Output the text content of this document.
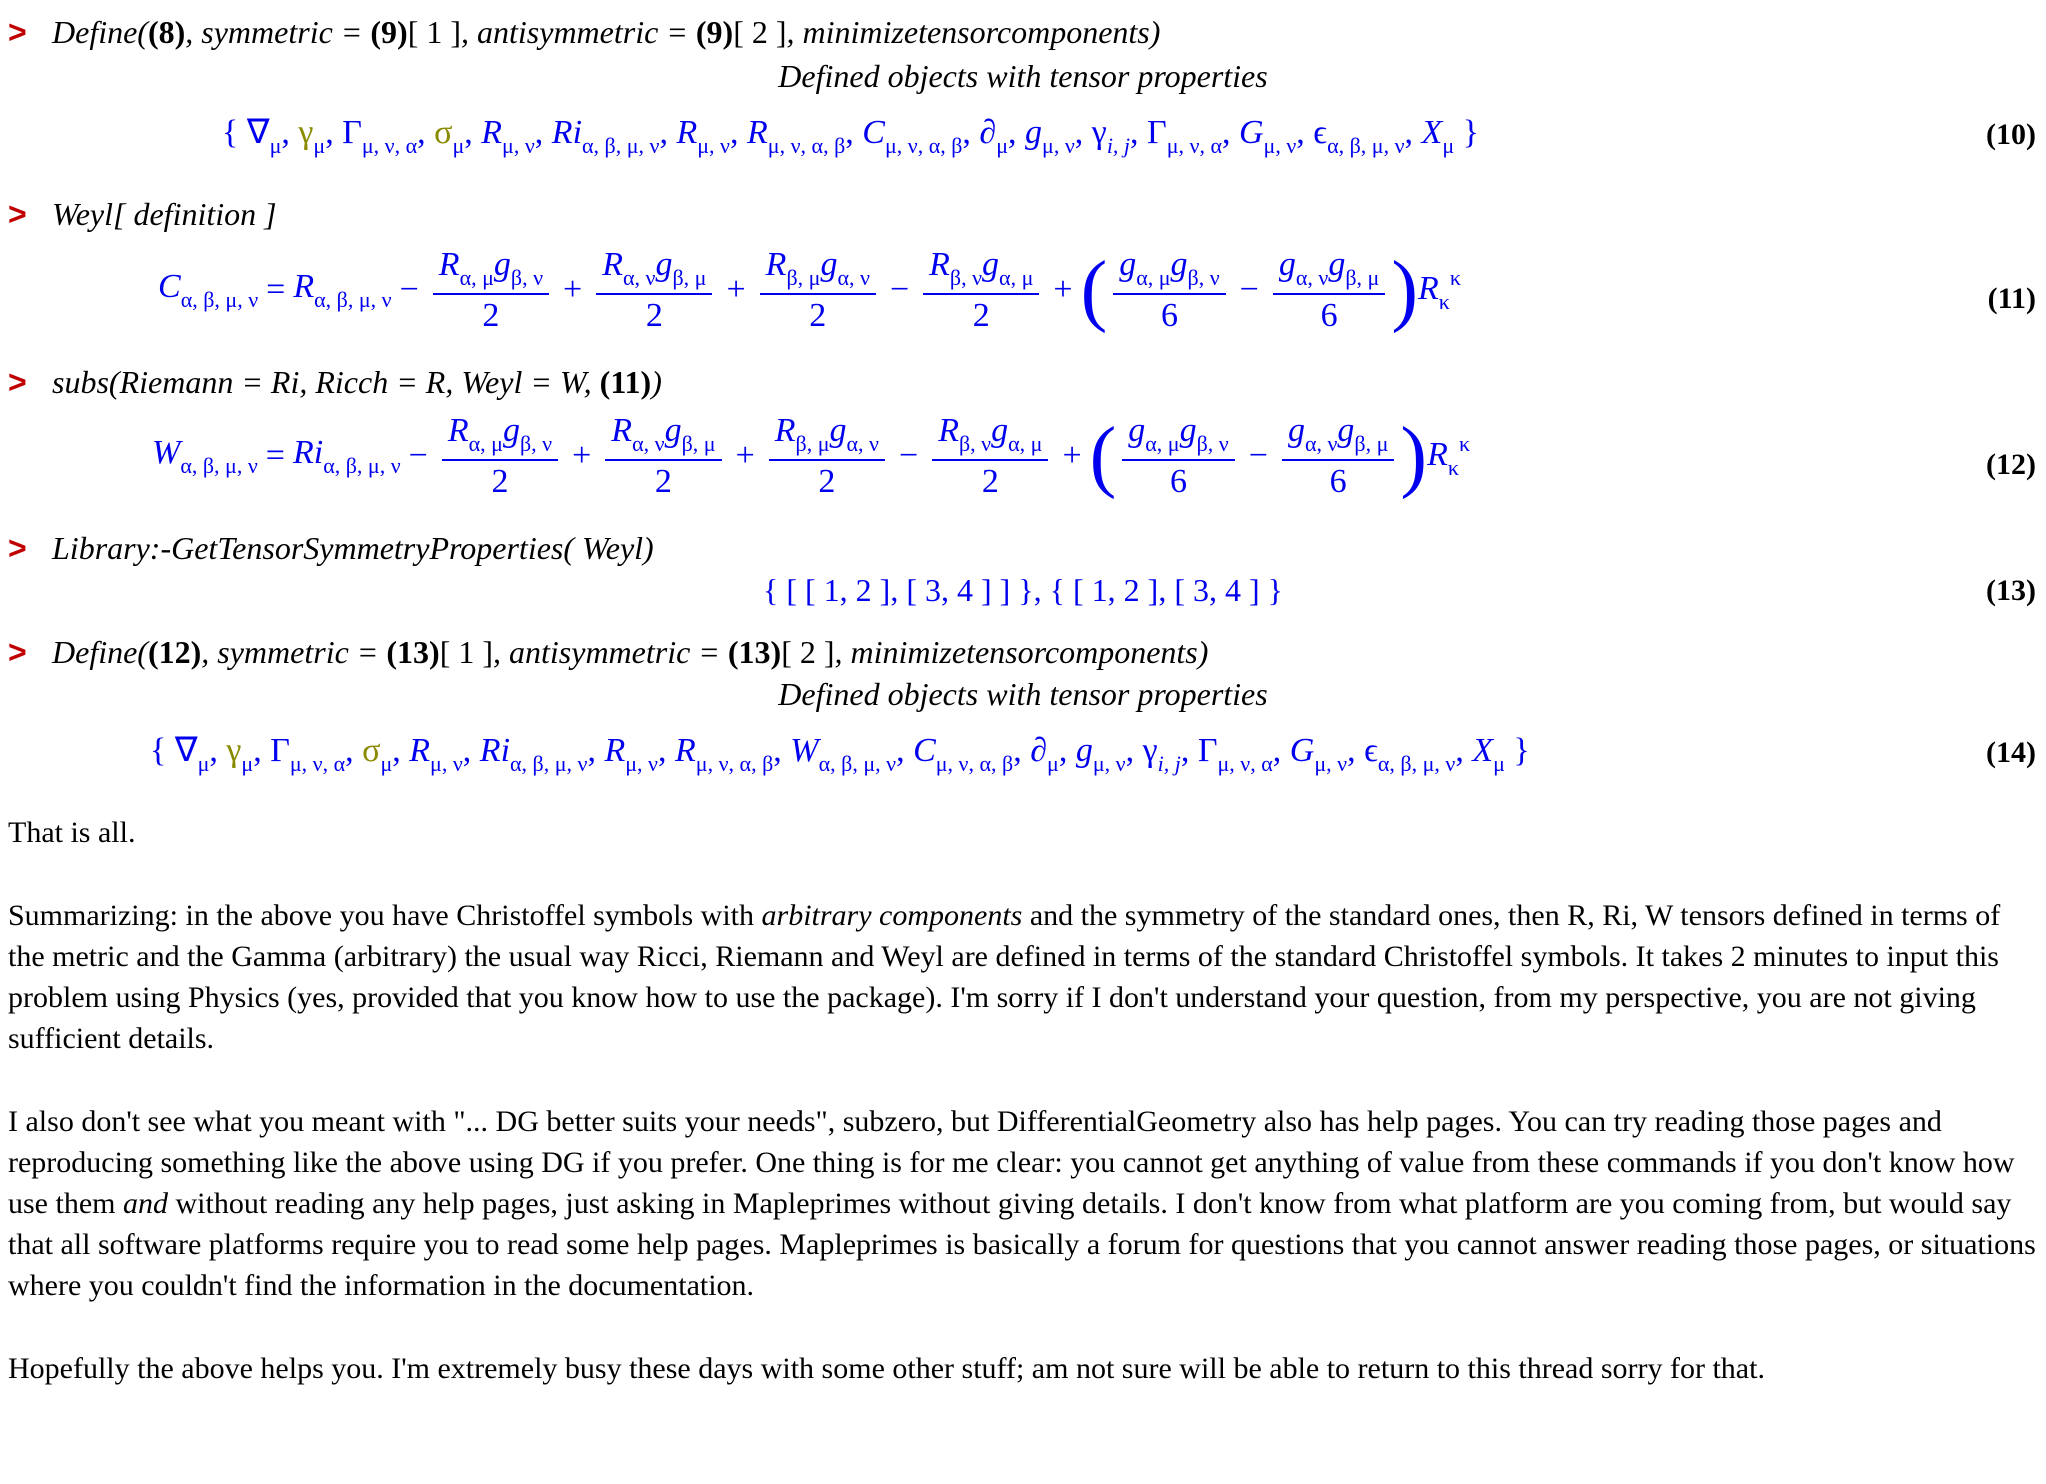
> Define((8), symmetric = (9)[ 1 ], antisymmetric = (9)[ 2 ], minimizetensorcomponents)
Defined objects with tensor properties
{ $\nabla_\mu$, $\gamma_\mu$, $\Gamma_{\mu, \nu, \alpha}$, $\sigma_\mu$, $R_{\mu, \nu}$, $Ri_{\alpha, \beta, \mu, \nu}$, $R_{\mu, \nu}$, $R_{\mu, \nu, \alpha, \beta}$, $C_{\mu, \nu, \alpha, \beta}$, $\partial_\mu$, $g_{\mu, \nu}$, $\gamma_{i, j}$, $\Gamma_{\mu, \nu, \alpha}$, $G_{\mu, \nu}$, $\epsilon_{\alpha, \beta, \mu, \nu}$, $X_\mu$ }	(10)
> Weyl[ definition ]
$C_{\alpha, \beta, \mu, \nu} = R_{\alpha, \beta, \mu, \nu} - \frac{R_{\alpha, \mu}g_{\beta, \nu}}{2} + \frac{R_{\alpha, \nu}g_{\beta, \mu}}{2} + \frac{R_{\beta, \mu}g_{\alpha, \nu}}{2} - \frac{R_{\beta, \nu}g_{\alpha, \mu}}{2}$ + ( $\frac{g_{\alpha, \mu}g_{\beta, \nu}}{6} - \frac{g_{\alpha, \nu}g_{\beta, \mu}}{6}$ ) $R_\kappa^\kappa$
(11)
> subs(Riemann = Ri, Ricch = R, Weyl = W, (11))
$W_{\alpha, \beta, \mu, \nu} = Ri_{\alpha, \beta, \mu, \nu} - \frac{R_{\alpha, \mu}g_{\beta, \nu}}{2} + \frac{R_{\alpha, \nu}g_{\beta, \mu}}{2} + \frac{R_{\beta, \mu}g_{\alpha, \nu}}{2} - \frac{R_{\beta, \nu}g_{\alpha, \mu}}{2}$ + ( $\frac{g_{\alpha, \mu}g_{\beta, \nu}}{6} - \frac{g_{\alpha, \nu}g_{\beta, \mu}}{6}$ ) $R_\kappa^\kappa$
(12)
> Library:-GetTensorSymmetryProperties( Weyl)
{ [ [ 1, 2 ], [ 3, 4 ] ] }, { [ 1, 2 ], [ 3, 4 ] }	(13)
> Define((12), symmetric = (13)[ 1 ], antisymmetric = (13)[ 2 ], minimizetensorcomponents)
Defined objects with tensor properties
{ $\nabla_\mu$, $\gamma_\mu$, $\Gamma_{\mu, \nu, \alpha}$, $\sigma_\mu$, $R_{\mu, \nu}$, $Ri_{\alpha, \beta, \mu, \nu}$, $R_{\mu, \nu}$, $R_{\mu, \nu, \alpha, \beta}$, $W_{\alpha, \beta, \mu, \nu}$, $C_{\mu, \nu, \alpha, \beta}$, $\partial_\mu$, $g_{\mu, \nu}$, $\gamma_{i, j}$, $\Gamma_{\mu, \nu, \alpha}$, $G_{\mu, \nu}$, $\epsilon_{\alpha, \beta, \mu, \nu}$, $X_\mu$ }	(14)

That is all.

Summarizing: in the above you have Christoffel symbols with arbitrary components and the symmetry of the standard ones, then R, Ri, W tensors defined in terms of the metric and the Gamma (arbitrary) the usual way Ricci, Riemann and Weyl are defined in terms of the standard Christoffel symbols. It takes 2 minutes to input this problem using Physics (yes, provided that you know how to use the package). I'm sorry if I don't understand your question, from my perspective, you are not giving sufficient details.

I also don't see what you meant with "... DG better suits your needs", subzero, but DifferentialGeometry also has help pages. You can try reading those pages and reproducing something like the above using DG if you prefer. One thing is for me clear: you cannot get anything of value from these commands if you don't know how use them and without reading any help pages, just asking in Mapleprimes without giving details. I don't know from what platform are you coming from, but would say that all software platforms require you to read some help pages. Mapleprimes is basically a forum for questions that you cannot answer reading those pages, or situations where you couldn't find the information in the documentation.

Hopefully the above helps you. I'm extremely busy these days with some other stuff; am not sure will be able to return to this thread sorry for that.
